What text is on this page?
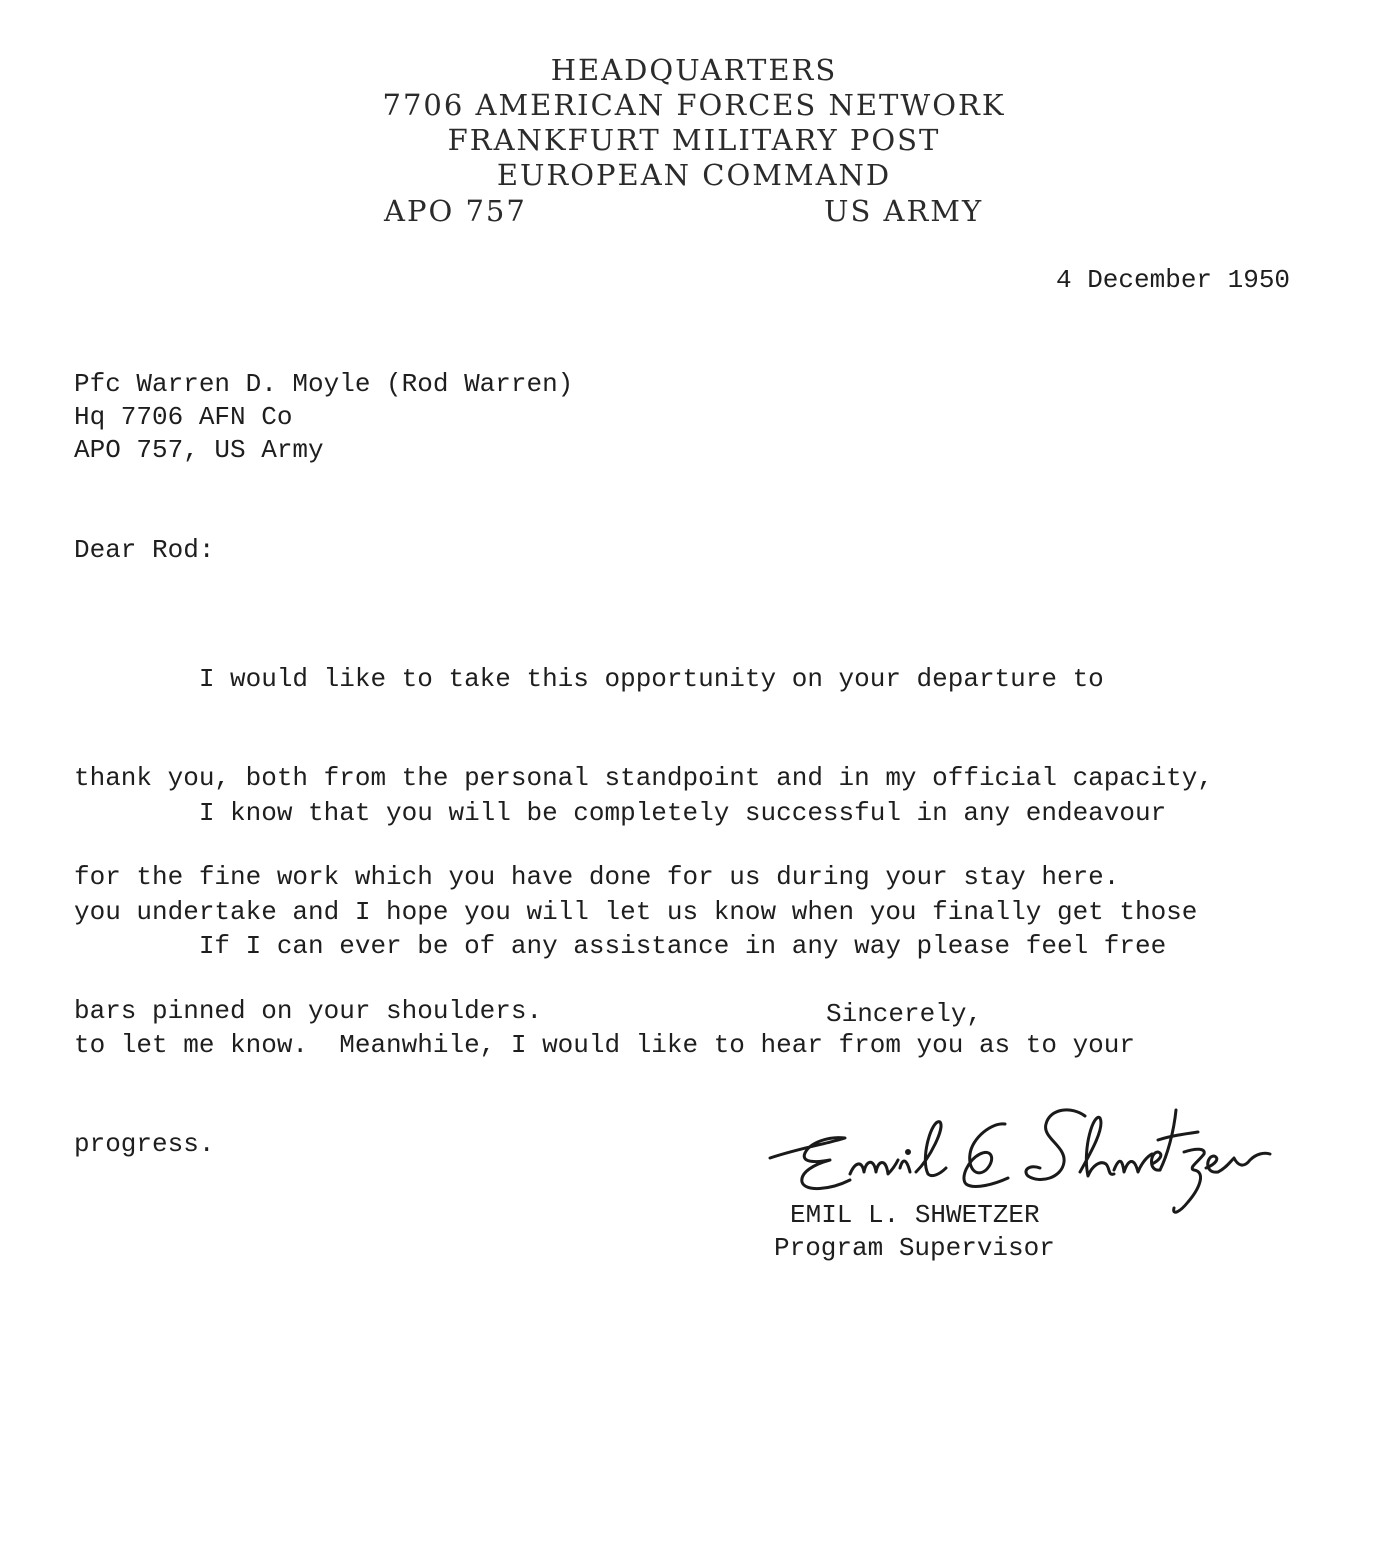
HEADQUARTERS
7706 AMERICAN FORCES NETWORK
FRANKFURT MILITARY POST
EUROPEAN COMMAND
APO 757	US ARMY
4 December 1950
Pfc Warren D. Moyle (Rod Warren)
Hq 7706 AFN Co
APO 757, US Army
Dear Rod:

I would like to take this opportunity on your departure to

thank you, both from the personal standpoint and in my official capacity,

for the fine work which you have done for us during your stay here.

I know that you will be completely successful in any endeavour

you undertake and I hope you will let us know when you finally get those

bars pinned on your shoulders.

If I can ever be of any assistance in any way please feel free

to let me know.  Meanwhile, I would like to hear from you as to your

progress.

Sincerely,
EMIL L. SHWETZER
Program Supervisor
